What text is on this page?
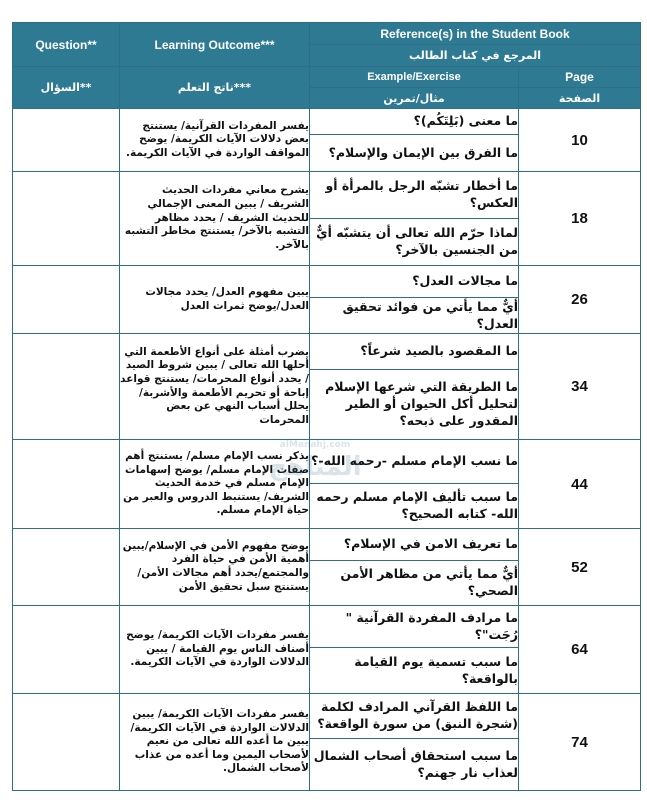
Question**	Learning Outcome***	Reference(s) in the Student Book	
		المرجع في كتاب الطالب	
السؤال**	ناتج التعلم***	Example/Exercise	Page
		مثال/تمرين	الصفحة
	يفسر المفردات القرآنية/ يستنتج بعض دلالات الآيات الكريمة/ يوضح المواقف الواردة في الآيات الكريمة.	ما معنى (بَلِتَكُم)؟	10
		ما الفرق بين الإيمان والإسلام؟	
	يشرح معاني مفردات الحديث الشريف / يبين المعنى الإجمالي للحديث الشريف / يحدد مظاهر التشبه بالآخر/ يستنتج مخاطر التشبه بالآخر.	ما أخطار تشبّه الرجل بالمرأة أو العكس؟	18
		لماذا حرّم الله تعالى أن يتشبّه أيٌّ من الجنسين بالآخر؟	
	يبين مفهوم العدل/ يحدد مجالات العدل/يوضح ثمرات العدل	ما مجالات العدل؟	26
		أيٌّ مما يأتي من فوائد تحقيق العدل؟	
	يضرب أمثلة على أنواع الأطعمة التي أحلها الله تعالى / يبين شروط الصيد / يحدد أنواع المحرمات/ يستنتج قواعد إباحة أو تحريم الأطعمة والأشربة/ يحلل أسباب النهي عن بعض المحرمات	ما المقصود بالصيد شرعاً؟	34
		ما الطريقة التي شرعها الإسلام لتحليل أكل الحيوان أو الطير المقدور على ذبحه؟	
	يذكر نسب الإمام مسلم/ يستنتج أهم صفات الإمام مسلم/ يوضح إسهامات الإمام مسلم في خدمة الحديث الشريف/ يستنبط الدروس والعبر من حياة الإمام مسلم.	ما نسب الإمام مسلم -رحمه الله-؟	44
		ما سبب تأليف الإمام مسلم رحمه الله- كتابه الصحيح؟	
	يوضح مفهوم الأمن في الإسلام/يبين أهمية الأمن في حياة الفرد والمجتمع/يحدد أهم مجالات الأمن/ يستنتج سبل تحقيق الأمن	ما تعريف الامن في الإسلام؟	52
		أيٌّ مما يأتي من مظاهر الأمن الصحي؟	
	يفسر مفردات الآيات الكريمة/ يوضح أصناف الناس يوم القيامة / يبين الدلالات الواردة في الآيات الكريمة.	ما مرادف المفردة القرآنية " رُجَت"؟	64
		ما سبب تسمية يوم القيامة بالواقعة؟	
	يفسر مفردات الآيات الكريمة/ يبين الدلالات الواردة في الآيات الكريمة/ يبين ما أعده الله تعالى من نعيم لأصحاب اليمين وما أعده من عذاب لأصحاب الشمال.	ما اللفظ القرآني المرادف لكلمة (شجرة النبق) من سورة الواقعة؟	74
		ما سبب استحقاق أصحاب الشمال لعذاب نار جهنم؟	
alManahj.com
المناهج
